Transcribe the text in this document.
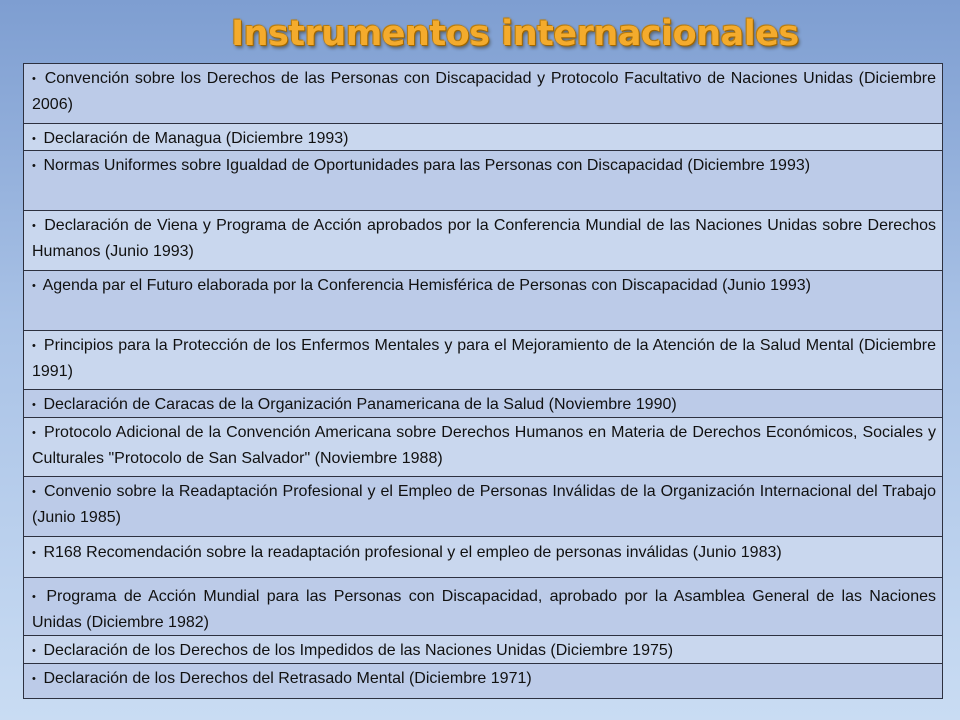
Instrumentos internacionales
• Convención sobre los Derechos de las Personas con Discapacidad y Protocolo Facultativo de Naciones Unidas (Diciembre 2006)
• Declaración de Managua (Diciembre 1993)
• Normas Uniformes sobre Igualdad de Oportunidades para las Personas con Discapacidad (Diciembre 1993)
• Declaración de Viena y Programa de Acción aprobados por la Conferencia Mundial de las Naciones Unidas sobre Derechos Humanos (Junio 1993)
• Agenda par el Futuro elaborada por la Conferencia Hemisférica de Personas con Discapacidad (Junio 1993)
• Principios para la Protección de los Enfermos Mentales y para el Mejoramiento de la Atención de la Salud Mental (Diciembre 1991)
• Declaración de Caracas de la Organización Panamericana de la Salud (Noviembre 1990)
• Protocolo Adicional de la Convención Americana sobre Derechos Humanos en Materia de Derechos Económicos, Sociales y Culturales "Protocolo de San Salvador" (Noviembre 1988)
• Convenio sobre la Readaptación Profesional y el Empleo de Personas Inválidas de la Organización Internacional del Trabajo (Junio 1985)
• R168 Recomendación sobre la readaptación profesional y el empleo de personas inválidas (Junio 1983)
• Programa de Acción Mundial para las Personas con Discapacidad, aprobado por la Asamblea General de las Naciones Unidas (Diciembre 1982)
• Declaración de los Derechos de los Impedidos de las Naciones Unidas (Diciembre 1975)
• Declaración de los Derechos del Retrasado Mental (Diciembre 1971)
